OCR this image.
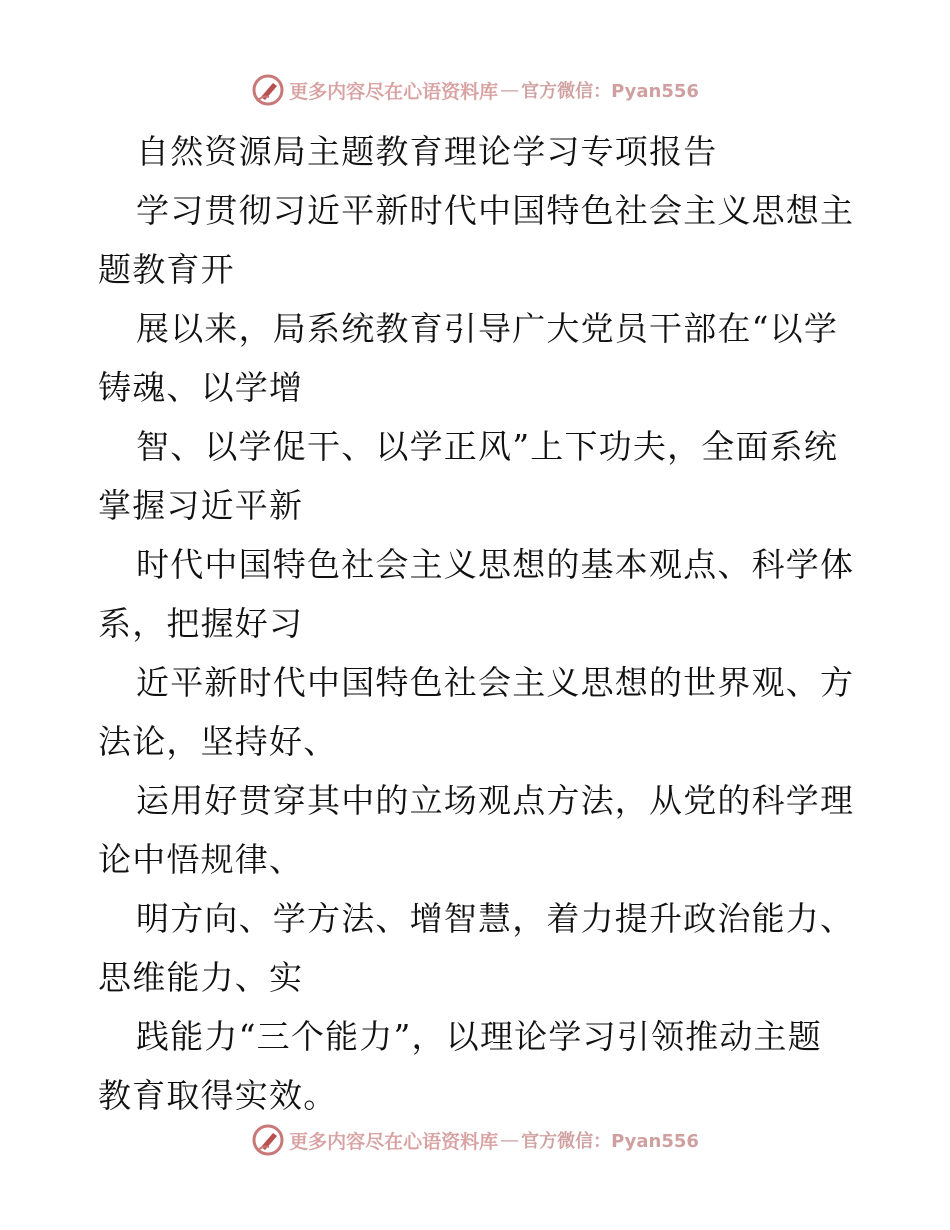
更多内容尽在心语资料库 — 官方微信：Pyan556
自然资源局主题教育理论学习专项报告
学习贯彻习近平新时代中国特色社会主义思想主
题教育开
展以来，局系统教育引导广大党员干部在“以学
铸魂、以学增
智、以学促干、以学正风”上下功夫，全面系统
掌握习近平新
时代中国特色社会主义思想的基本观点、科学体
系，把握好习
近平新时代中国特色社会主义思想的世界观、方
法论，坚持好、
运用好贯穿其中的立场观点方法，从党的科学理
论中悟规律、
明方向、学方法、增智慧，着力提升政治能力、
思维能力、实
践能力“三个能力”，以理论学习引领推动主题
教育取得实效。
更多内容尽在心语资料库 — 官方微信：Pyan556
